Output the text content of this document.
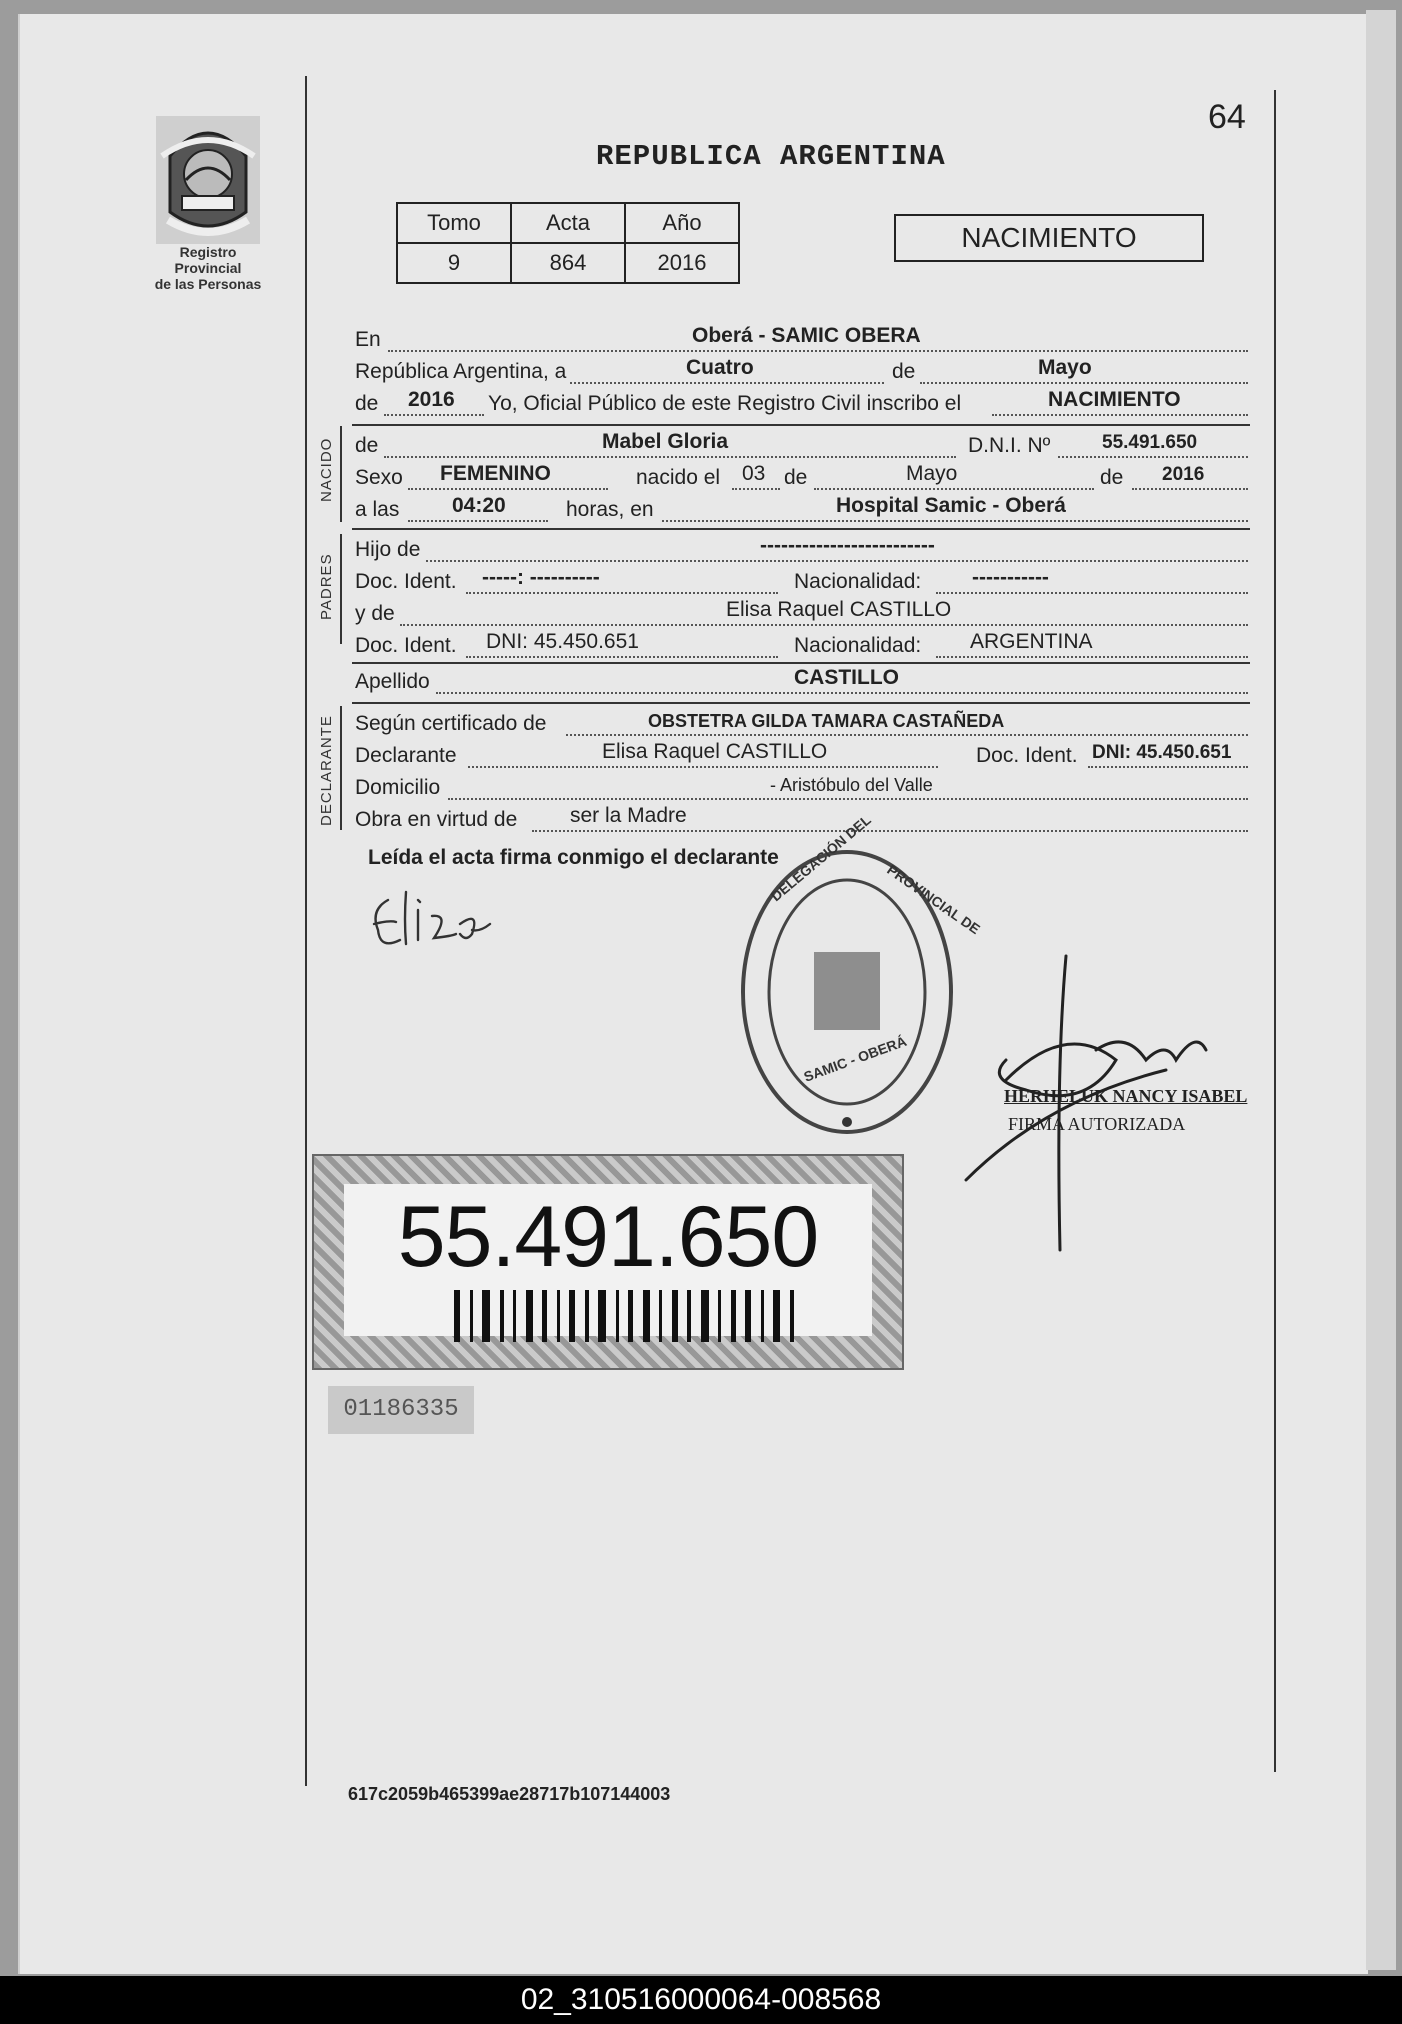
Registro Provincial
de las Personas
64
REPUBLICA ARGENTINA
Tomo	Acta	Año
9	864	2016
NACIMIENTO
En	Oberá - SAMIC OBERA
República Argentina, a	Cuatro	de	Mayo
de 2016 Yo, Oficial Público de este Registro Civil inscribo el	NACIMIENTO
NACIDO de	Mabel Gloria	D.N.I. Nº	55.491.650
Sexo FEMENINO	nacido el 03 de	Mayo	de 2016
a las	04:20	horas, en	Hospital Samic - Oberá
PADRES
Hijo de	-------------------------
Doc. Ident. -----: ----------	Nacionalidad: -----------
y de	Elisa Raquel CASTILLO
Doc. Ident. DNI: 45.450.651	Nacionalidad: ARGENTINA
Apellido	CASTILLO
DECLARANTE Según certificado de	OBSTETRA GILDA TAMARA CASTAÑEDA
Declarante	Elisa Raquel CASTILLO	Doc. Ident. DNI: 45.450.651
Domicilio	- Aristóbulo del Valle
Obra en virtud de	ser la Madre
Leída el acta firma conmigo el declarante
DELEGACIÓN DEL PROVINCIAL DE
SAMIC - OBERÁ
HERHELUK NANCY ISABEL
FIRMA AUTORIZADA
55.491.650
01186335
617c2059b465399ae28717b107144003
02_310516000064-008568
